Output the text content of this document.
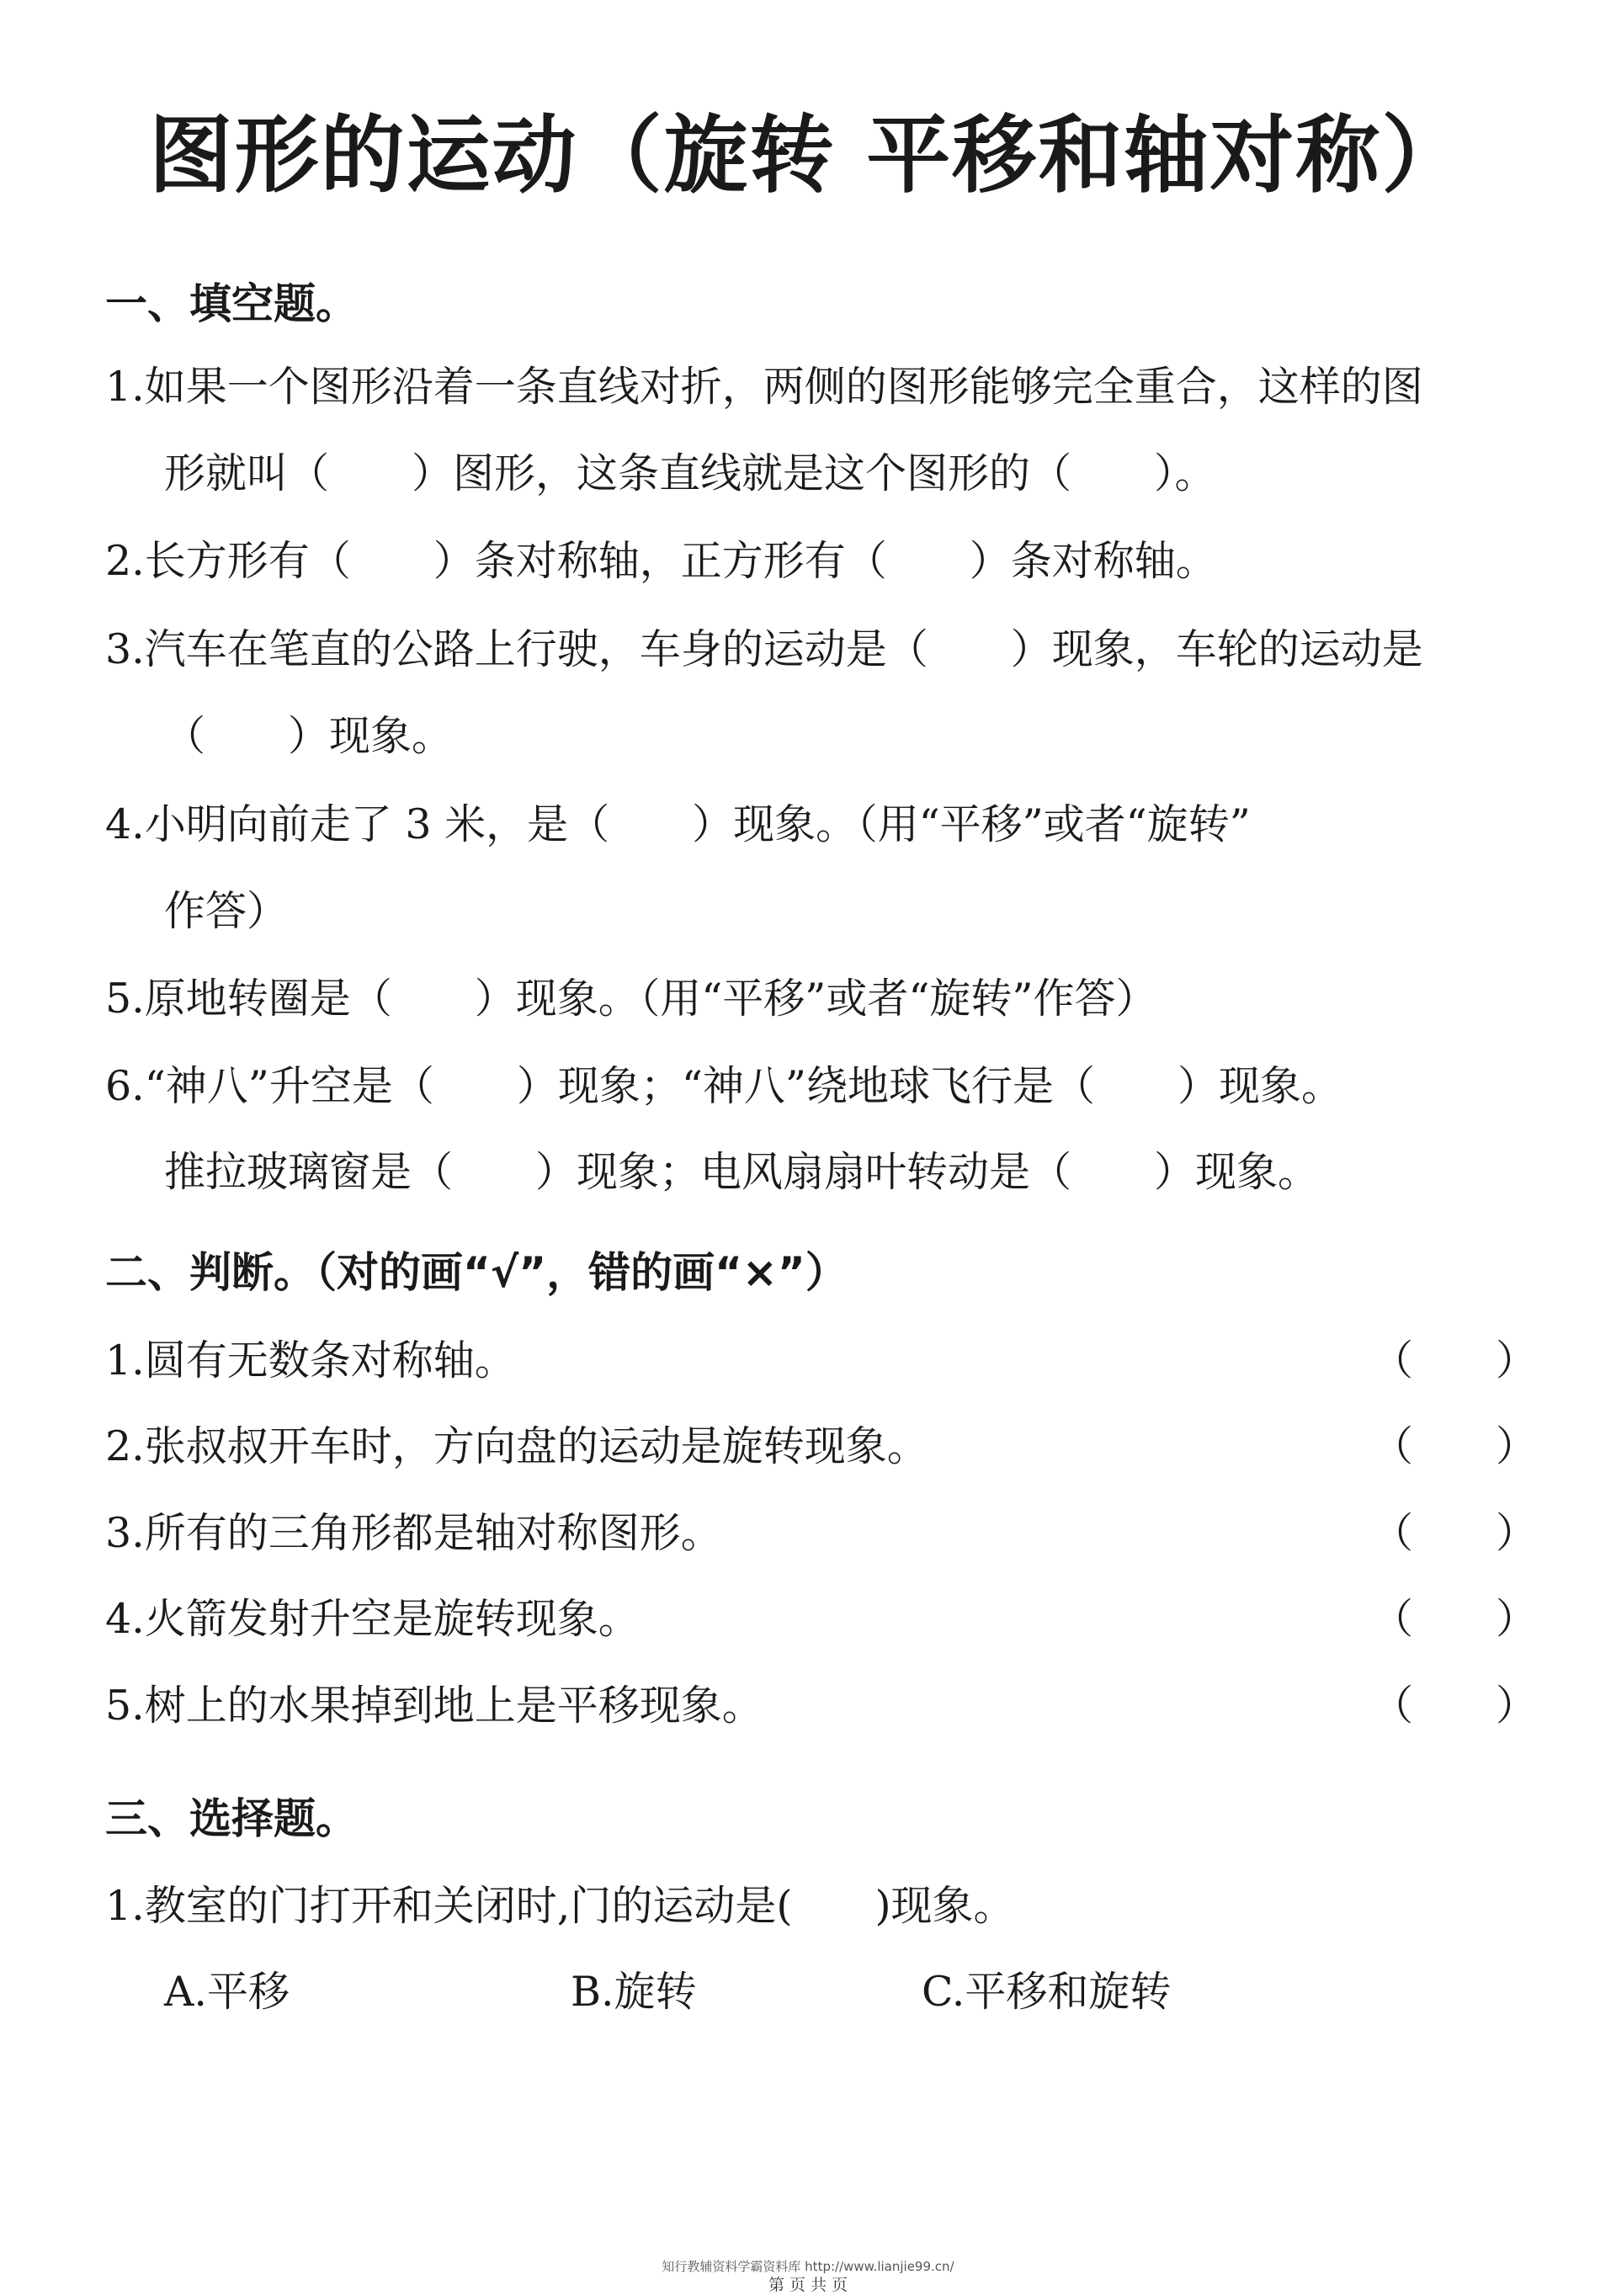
图形的运动（旋转 平移和轴对称）
一、填空题。
1.如果一个图形沿着一条直线对折，两侧的图形能够完全重合，这样的图
形就叫（　　）图形，这条直线就是这个图形的（　　）。
2.长方形有（　　）条对称轴，正方形有（　　）条对称轴。
3.汽车在笔直的公路上行驶，车身的运动是（　　）现象，车轮的运动是
（　　）现象。
4.小明向前走了 3 米，是（　　）现象。（用“平移”或者“旋转”
作答）
5.原地转圈是（　　）现象。（用“平移”或者“旋转”作答）
6.“神八”升空是（　　）现象；“神八”绕地球飞行是（　　）现象。
推拉玻璃窗是（　　）现象；电风扇扇叶转动是（　　）现象。
二、判断。（对的画“√”，错的画“×”）
1.圆有无数条对称轴。	（　　）
2.张叔叔开车时，方向盘的运动是旋转现象。	（　　）
3.所有的三角形都是轴对称图形。	（　　）
4.火箭发射升空是旋转现象。	（　　）
5.树上的水果掉到地上是平移现象。	（　　）
三、选择题。
1.教室的门打开和关闭时,门的运动是(　　)现象。
A.平移	B.旋转	C.平移和旋转
知行教辅资料学霸资料库 http://www.lianjie99.cn/
第 页 共 页
